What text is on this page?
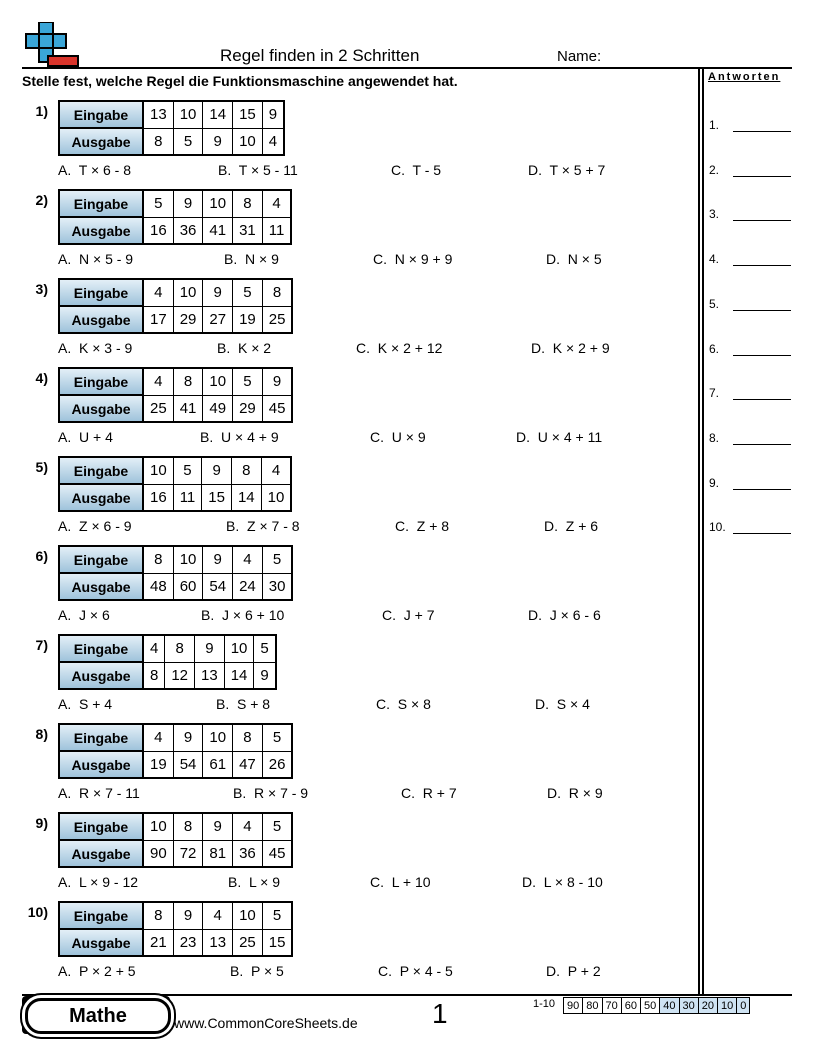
Regel finden in 2 Schritten	Name:
Stelle fest, welche Regel die Funktionsmaschine angewendet hat.	Antworten
1.
2.
3.
4.
5.
6.
7.
8.
9.
10.
1) Eingabe	13	10	14	15	9
Ausgabe	8	5	9	10	4
A.  T × 6 - 8	B.  T × 5 - 11	C.  T - 5	D.  T × 5 + 7
2) Eingabe	5	9	10	8	4
Ausgabe	16	36	41	31	11
A.  N × 5 - 9	B.  N × 9	C.  N × 9 + 9	D.  N × 5
3) Eingabe	4	10	9	5	8
Ausgabe	17	29	27	19	25
A.  K × 3 - 9	B.  K × 2	C.  K × 2 + 12	D.  K × 2 + 9
4) Eingabe	4	8	10	5	9
Ausgabe	25	41	49	29	45
A.  U + 4	B.  U × 4 + 9	C.  U × 9	D.  U × 4 + 11
5) Eingabe	10	5	9	8	4
Ausgabe	16	11	15	14	10
A.  Z × 6 - 9	B.  Z × 7 - 8	C.  Z + 8	D.  Z + 6
6) Eingabe	8	10	9	4	5
Ausgabe	48	60	54	24	30
A.  J × 6	B.  J × 6 + 10	C.  J + 7	D.  J × 6 - 6
7) Eingabe	4	8	9	10	5
Ausgabe	8	12	13	14	9
A.  S + 4	B.  S + 8	C.  S × 8	D.  S × 4
8) Eingabe	4	9	10	8	5
Ausgabe	19	54	61	47	26
A.  R × 7 - 11	B.  R × 7 - 9	C.  R + 7	D.  R × 9
9) Eingabe	10	8	9	4	5
Ausgabe	90	72	81	36	45
A.  L × 9 - 12	B.  L × 9	C.  L + 10	D.  L × 8 - 10
10) Eingabe	8	9	4	10	5
Ausgabe	21	23	13	25	15
A.  P × 2 + 5	B.  P × 5	C.  P × 4 - 5	D.  P + 2
Mathe	www.CommonCoreSheets.de	1	1-10 90	80	70	60	50	40	30	20	10	0
